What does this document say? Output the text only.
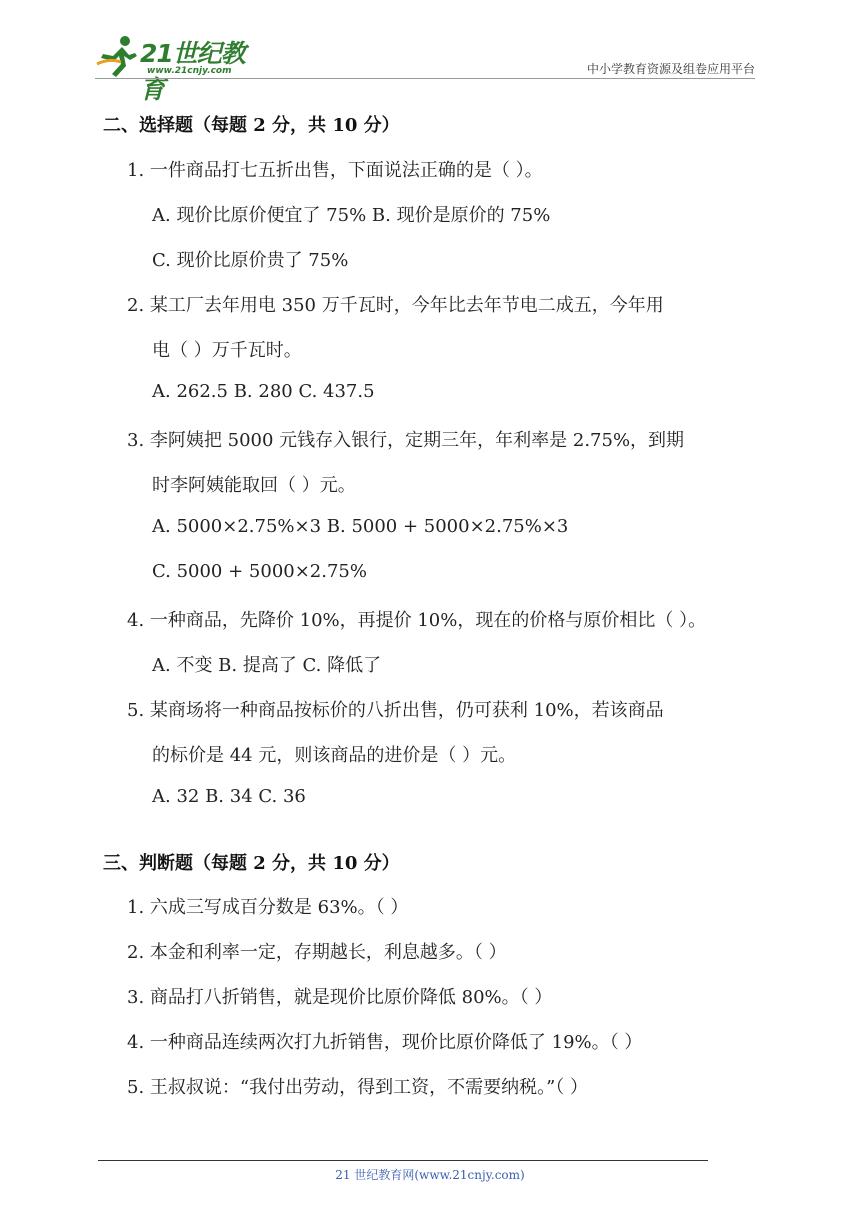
21世纪教育
www.21cnjy.com	中小学教育资源及组卷应用平台
二、选择题（每题 2 分，共 10 分）
1. 一件商品打七五折出售，下面说法正确的是（ ）。
A. 现价比原价便宜了 75% B. 现价是原价的 75%
C. 现价比原价贵了 75%
2. 某工厂去年用电 350 万千瓦时，今年比去年节电二成五，今年用
电（ ）万千瓦时。
A. 262.5 B. 280 C. 437.5
3. 李阿姨把 5000 元钱存入银行，定期三年，年利率是 2.75%，到期
时李阿姨能取回（ ）元。
A. 5000×2.75%×3 B. 5000 + 5000×2.75%×3
C. 5000 + 5000×2.75%
4. 一种商品，先降价 10%，再提价 10%，现在的价格与原价相比（ ）。
A. 不变 B. 提高了 C. 降低了
5. 某商场将一种商品按标价的八折出售，仍可获利 10%，若该商品
的标价是 44 元，则该商品的进价是（ ）元。
A. 32 B. 34 C. 36
三、判断题（每题 2 分，共 10 分）
1. 六成三写成百分数是 63%。（ ）
2. 本金和利率一定，存期越长，利息越多。（ ）
3. 商品打八折销售，就是现价比原价降低 80%。（ ）
4. 一种商品连续两次打九折销售，现价比原价降低了 19%。（ ）
5. 王叔叔说：“我付出劳动，得到工资，不需要纳税。”（ ）
21 世纪教育网(www.21cnjy.com)
